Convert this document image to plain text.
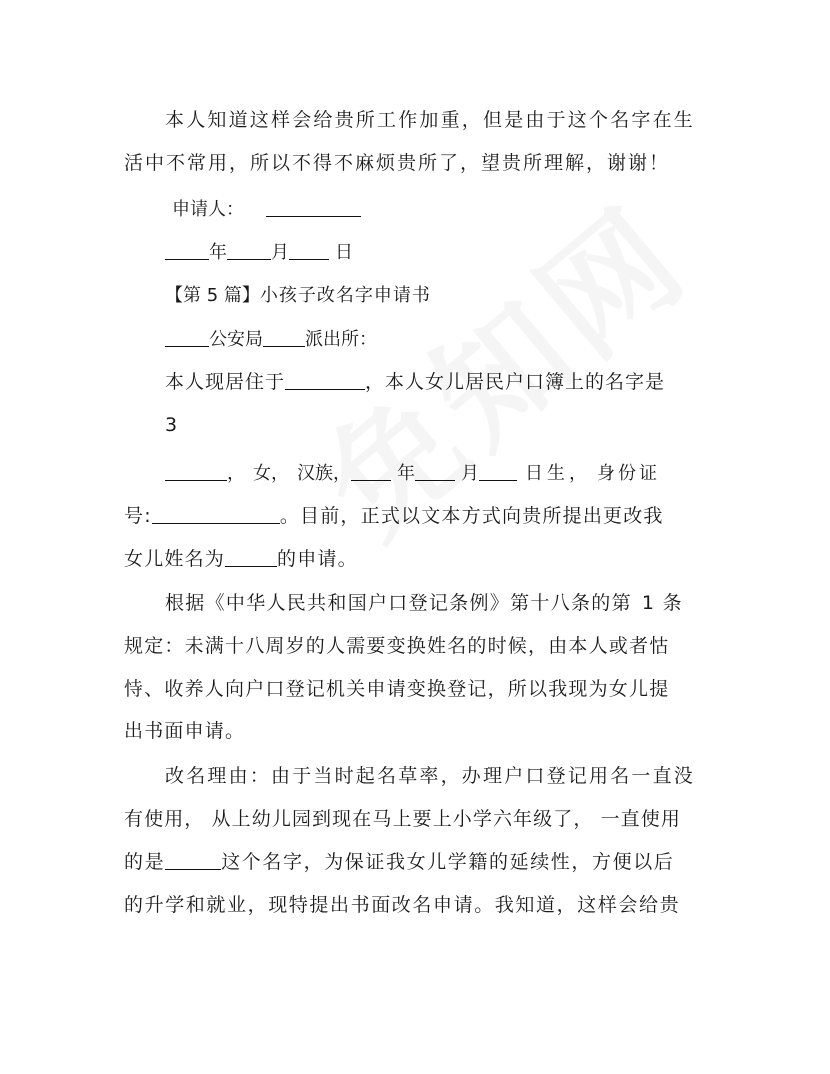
本人知道这样会给贵所工作加重，但是由于这个名字在生
活中不常用，所以不得不麻烦贵所了，望贵所理解，谢谢！
申请人：
年 月	日
【第 5 篇】小孩子改名字申请书
公安局 派出所：
本人现居住于	，本人女儿居民户口簿上的名字是
3
， 女， 汉族，	年	月	日生， 身份证
号:	。目前，正式以文本方式向贵所提出更改我
女儿姓名为	的申请。
根据《中华人民共和国户口登记条例》第十八条的第 1 条
规定：未满十八周岁的人需要变换姓名的时候，由本人或者怙
恃、收养人向户口登记机关申请变换登记，所以我现为女儿提
出书面申请。
改名理由：由于当时起名草率，办理户口登记用名一直没
有使用， 从上幼儿园到现在马上要上小学六年级了， 一直使用
的是	这个名字，为保证我女儿学籍的延续性，方便以后
的升学和就业，现特提出书面改名申请。我知道，这样会给贵
